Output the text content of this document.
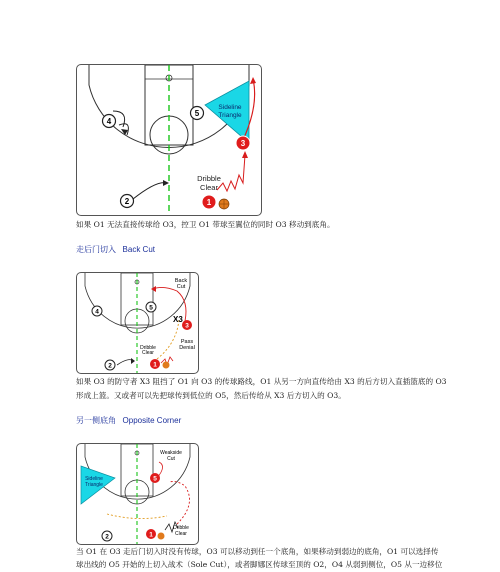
Sideline
Triangle
Dribble
Clear
4
5
2
3
1

如果 O1 无法直接传球给 O3，控卫 O1 带球至翼位的同时 O3 移动到底角。

走后门切入 Back Cut

Back
Cut
X3
Pass
Denial
Dribble
Clear
4
5
3
2	1

如果 O3 的防守者 X3 阻挡了 O1 向 O3 的传球路线，O1 从另一方向直传给由 X3 的后方切入直插篮底的 O3

形成上篮。又或者可以先把球传到低位的 O5，然后传给从 X3 后方切入的 O3。

另一侧底角 Opposite Corner

Sideline
Triangle
Weakside
Cut
Dribble
Clear
5
2	1

当 O1 在 O3 走后门切入时没有传球，O3 可以移动到任一个底角，如果移动到弱边的底角，O1 可以选择传

球出线的 O5 开始的上切入战术（Sole Cut），或者脚娜区传球至顶的 O2，O4 从弱到侧位，O5 从一边移位
